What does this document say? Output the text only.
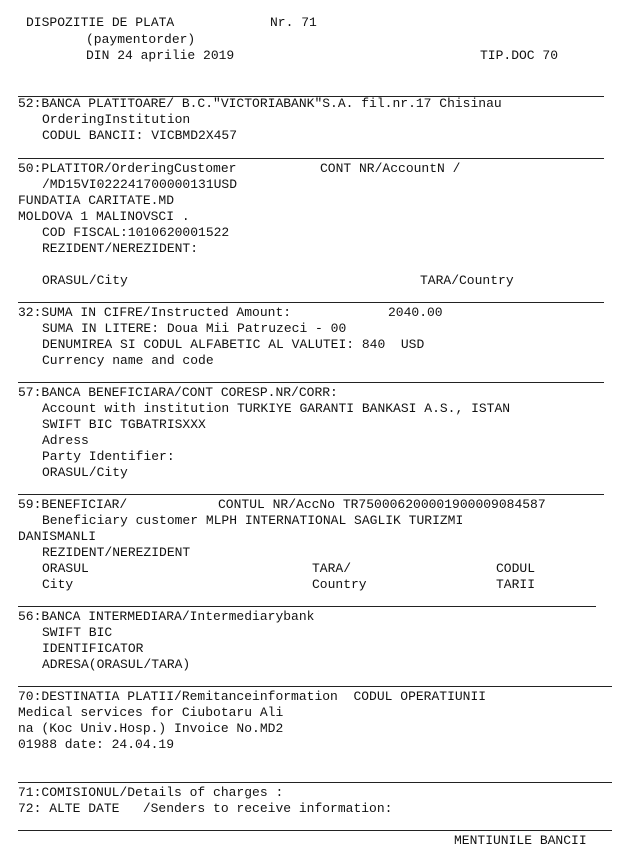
DISPOZITIE DE PLATA	Nr. 71
(paymentorder)
DIN 24 aprilie 2019	TIP.DOC 70
52:BANCA PLATITOARE/ B.C."VICTORIABANK"S.A. fil.nr.17 Chisinau
OrderingInstitution
CODUL BANCII: VICBMD2X457
50:PLATITOR/OrderingCustomer	CONT NR/AccountN /
/MD15VI022241700000131USD
FUNDATIA CARITATE.MD
MOLDOVA 1 MALINOVSCI .
COD FISCAL:1010620001522
REZIDENT/NEREZIDENT:
ORASUL/City	TARA/Country
32:SUMA IN CIFRE/Instructed Amount:	2040.00
SUMA IN LITERE: Doua Mii Patruzeci - 00
DENUMIREA SI CODUL ALFABETIC AL VALUTEI: 840  USD
Currency name and code
57:BANCA BENEFICIARA/CONT CORESP.NR/CORR:
Account with institution TURKIYE GARANTI BANKASI A.S., ISTAN
SWIFT BIC TGBATRISXXX
Adress
Party Identifier:
ORASUL/City
59:BENEFICIAR/	CONTUL NR/AccNo TR750006200001900009084587
Beneficiary customer MLPH INTERNATIONAL SAGLIK TURIZMI
DANISMANLI
REZIDENT/NEREZIDENT
ORASUL	TARA/	CODUL
City	Country	TARII
56:BANCA INTERMEDIARA/Intermediarybank
SWIFT BIC
IDENTIFICATOR
ADRESA(ORASUL/TARA)
70:DESTINATIA PLATII/Remitanceinformation  CODUL OPERATIUNII
Medical services for Ciubotaru Ali
na (Koc Univ.Hosp.) Invoice No.MD2
01988 date: 24.04.19
71:COMISIONUL/Details of charges :
72: ALTE DATE   /Senders to receive information:
MENTIUNILE BANCII
